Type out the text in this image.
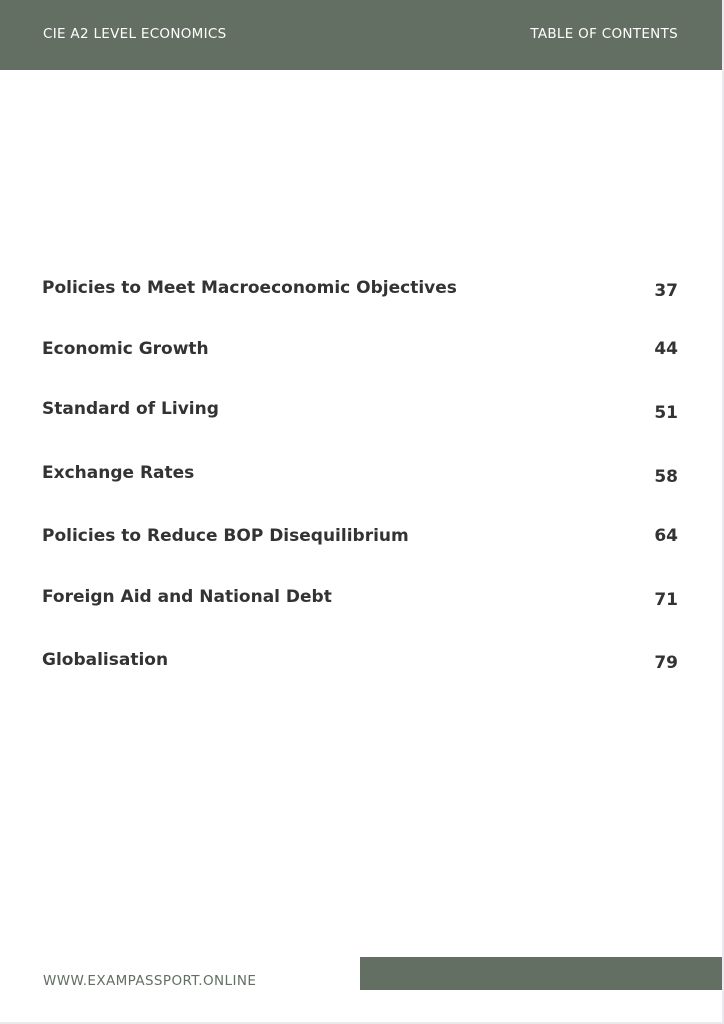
CIE A2 LEVEL ECONOMICS	TABLE OF CONTENTS
Policies to Meet Macroeconomic Objectives	37
Economic Growth	44
Standard of Living	51
Exchange Rates	58
Policies to Reduce BOP Disequilibrium	64
Foreign Aid and National Debt	71
Globalisation	79
WWW.EXAMPASSPORT.ONLINE
